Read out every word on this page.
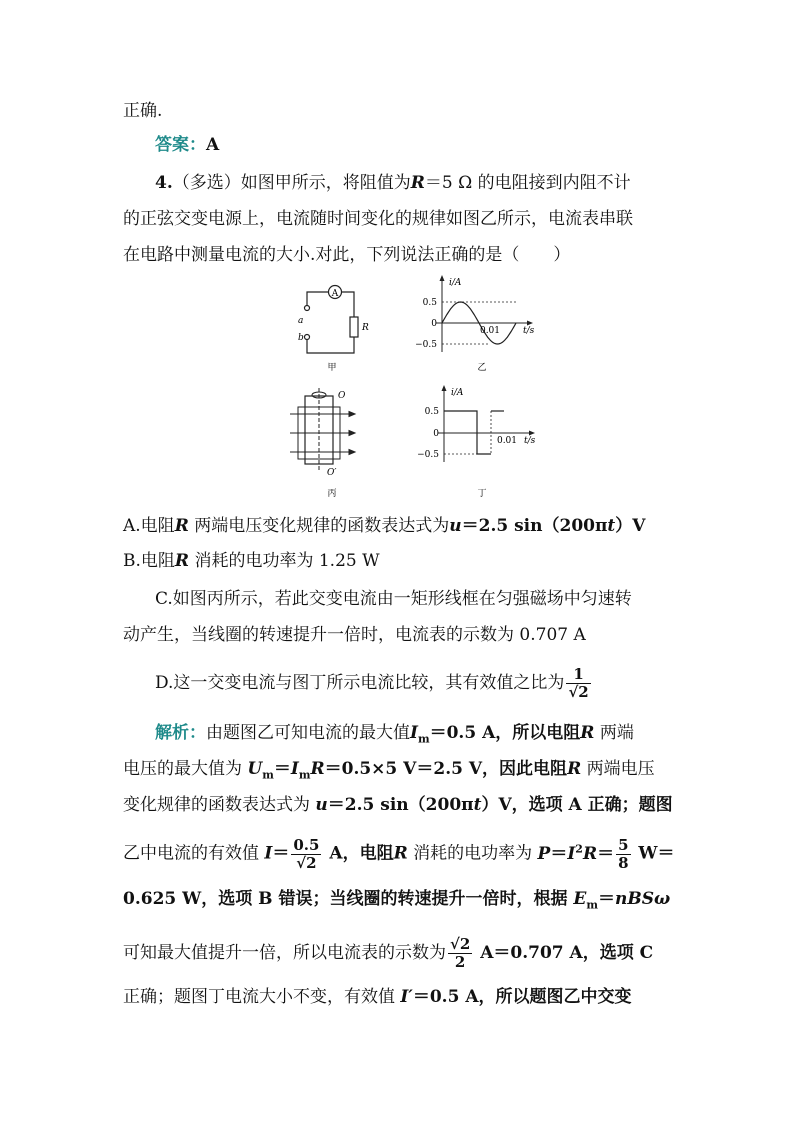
正确.
答案：A
4.（多选）如图甲所示，将阻值为R＝5 Ω 的电阻接到内阻不计
的正弦交变电源上，电流随时间变化的规律如图乙所示，电流表串联
在电路中测量电流的大小.对此，下列说法正确的是（　　）
A
a
b
R
甲
i/A
t/s
0.5
0
−0.5
0.01
乙
O
O′
丙
i/A
t/s
0.5
0
−0.5
0.01
丁
A.电阻R 两端电压变化规律的函数表达式为u＝2.5 sin（200πt）V
B.电阻R 消耗的电功率为 1.25 W
C.如图丙所示，若此交变电流由一矩形线框在匀强磁场中匀速转
动产生，当线圈的转速提升一倍时，电流表的示数为 0.707 A
D.这一交变电流与图丁所示电流比较，其有效值之比为 $\frac{1}{√2}$
解析：由题图乙可知电流的最大值$I_m=0.5$ A，所以电阻R 两端
电压的最大值为 $U_m=I_mR=0.5\times 5$ V＝2.5 V，因此电阻R 两端电压
变化规律的函数表达式为 u＝2.5 sin（200πt）V，选项 A 正确；题图
乙中电流的有效值 $I= \frac{0.5}{√2}$ A，电阻R 消耗的电功率为 $P=I^2R= \frac{5}{8} W=$
0.625 W，选项 B 错误；当线圈的转速提升一倍时，根据 $E_m=nBS\omega$
可知最大值提升一倍，所以电流表的示数为 $\frac{√2}{2} A=0.707$ A，选项 C
正确；题图丁电流大小不变，有效值 I′＝0.5 A，所以题图乙中交变
